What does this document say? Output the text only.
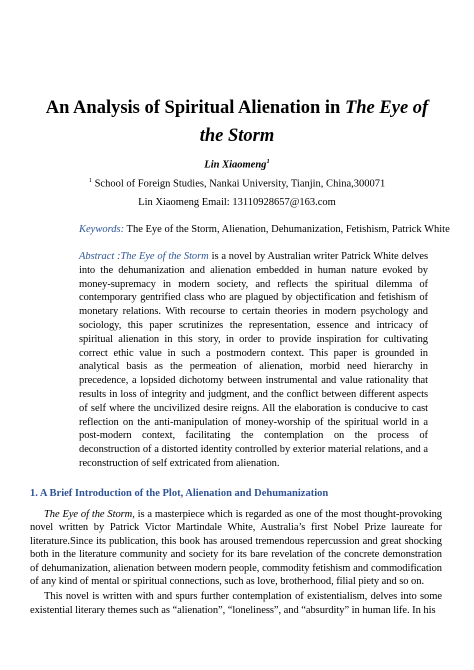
An Analysis of Spiritual Alienation in The Eye of the Storm
Lin Xiaomeng$^1$
$^1$ School of Foreign Studies, Nankai University, Tianjin, China,300071
Lin Xiaomeng Email: 13110928657@163.com
Keywords: The Eye of the Storm, Alienation, Dehumanization, Fetishism, Patrick White
Abstract :The Eye of the Storm is a novel by Australian writer Patrick White delves into the dehumanization and alienation embedded in human nature evoked by money-supremacy in modern society, and reflects the spiritual dilemma of contemporary gentrified class who are plagued by objectification and fetishism of monetary relations. With recourse to certain theories in modern psychology and sociology, this paper scrutinizes the representation, essence and intricacy of spiritual alienation in this story, in order to provide inspiration for cultivating correct ethic value in such a postmodern context. This paper is grounded in analytical basis as the permeation of alienation, morbid need hierarchy in precedence, a lopsided dichotomy between instrumental and value rationality that results in loss of integrity and judgment, and the conflict between different aspects of self where the uncivilized desire reigns. All the elaboration is conducive to cast reflection on the anti-manipulation of money-worship of the spiritual world in a post-modern context, facilitating the contemplation on the process of deconstruction of a distorted identity controlled by exterior material relations, and a reconstruction of self extricated from alienation.
1. A Brief Introduction of the Plot, Alienation and Dehumanization

The Eye of the Storm, is a masterpiece which is regarded as one of the most thought-provoking novel written by Patrick Victor Martindale White, Australia’s first Nobel Prize laureate for literature.Since its publication, this book has aroused tremendous repercussion and great shocking both in the literature community and society for its bare revelation of the concrete demonstration of dehumanization, alienation between modern people, commodity fetishism and commodification of any kind of mental or spiritual connections, such as love, brotherhood, filial piety and so on.

This novel is written with and spurs further contemplation of existentialism, delves into some existential literary themes such as “alienation”, “loneliness”, and “absurdity” in human life. In his
